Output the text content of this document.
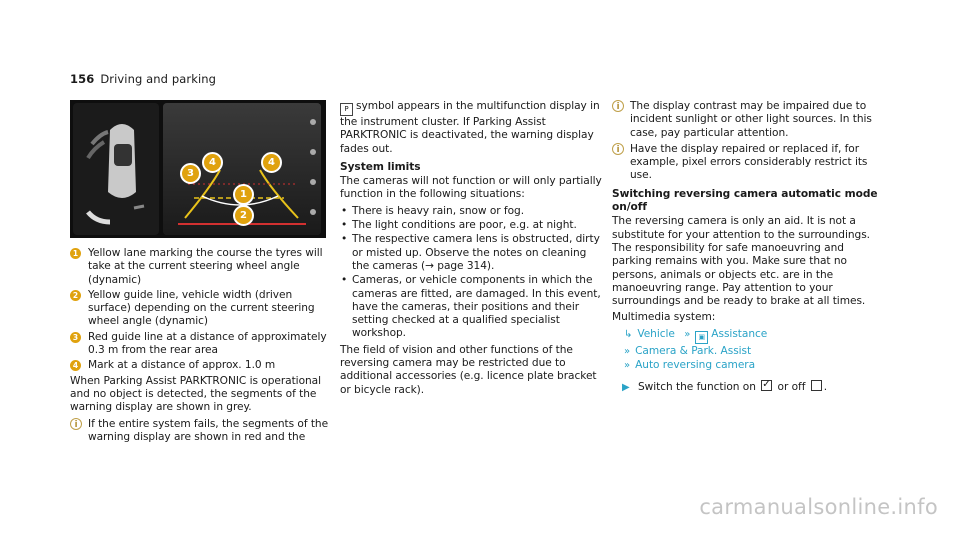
156 Driving and parking
3
4	4
1
2
1 Yellow lane marking the course the tyres will take at the current steering wheel angle (dynamic)
2 Yellow guide line, vehicle width (driven surface) depending on the current steering wheel angle (dynamic)
3 Red guide line at a distance of approximately 0.3 m from the rear area
4 Mark at a distance of approx. 1.0 m

When Parking Assist PARKTRONIC is operational and no object is detected, the segments of the warning display are shown in grey.

i If the entire system fails, the segments of the warning display are shown in red and the

P symbol appears in the multifunction display in the instrument cluster. If Parking Assist PARKTRONIC is deactivated, the warning display fades out.

System limits

The cameras will not function or will only partially function in the following situations:

• There is heavy rain, snow or fog.
• The light conditions are poor, e.g. at night.
• The respective camera lens is obstructed, dirty or misted up. Observe the notes on cleaning the cameras (→ page 314).
• Cameras, or vehicle components in which the cameras are fitted, are damaged. In this event, have the cameras, their positions and their setting checked at a qualified specialist workshop.

The field of vision and other functions of the reversing camera may be restricted due to additional accessories (e.g. licence plate bracket or bicycle rack).

i The display contrast may be impaired due to incident sunlight or other light sources. In this case, pay particular attention.
i Have the display repaired or replaced if, for example, pixel errors considerably restrict its use.
Switching reversing camera automatic mode on/off

The reversing camera is only an aid. It is not a substitute for your attention to the surroundings. The responsibility for safe manoeuvring and parking remains with you. Make sure that no persons, animals or objects etc. are in the manoeuvring range. Pay attention to your surroundings and be ready to brake at all times.

Multimedia system:

↳ Vehicle » ▣ Assistance
» Camera & Park. Assist
» Auto reversing camera
▶ Switch the function on ✓ or off .
carmanualsonline.info
